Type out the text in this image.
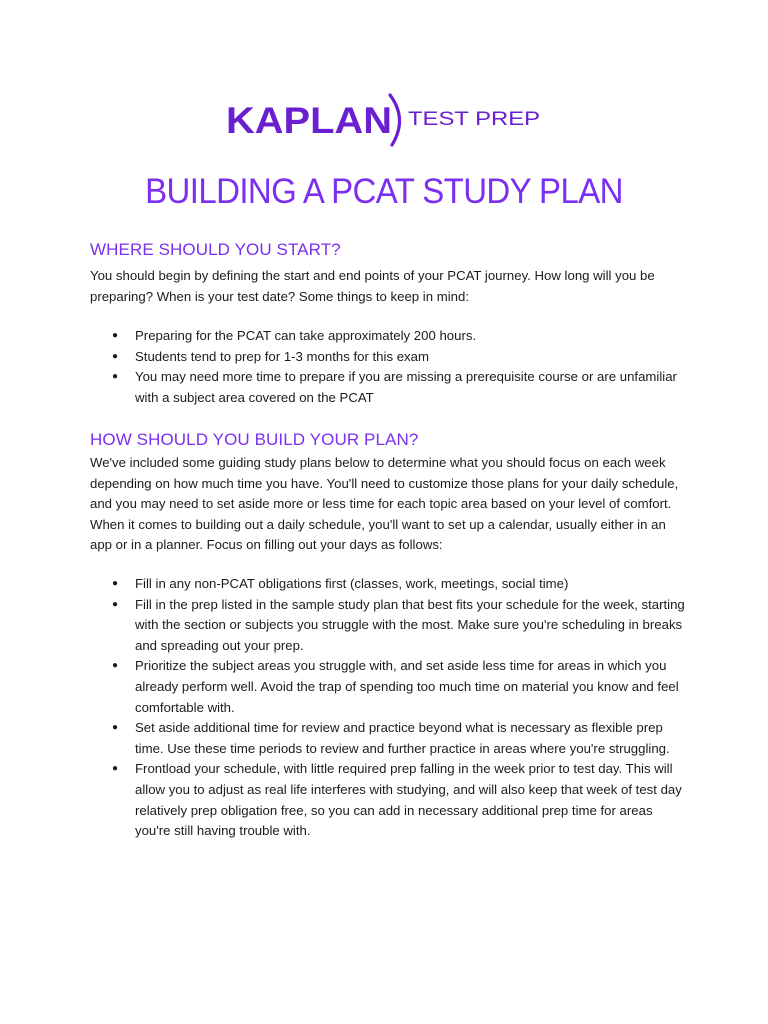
KAPLAN TEST PREP
BUILDING A PCAT STUDY PLAN
WHERE SHOULD YOU START?

You should begin by defining the start and end points of your PCAT journey. How long will you be preparing? When is your test date? Some things to keep in mind:

● Preparing for the PCAT can take approximately 200 hours.
● Students tend to prep for 1-3 months for this exam
● You may need more time to prepare if you are missing a prerequisite course or are unfamiliar with a subject area covered on the PCAT
HOW SHOULD YOU BUILD YOUR PLAN?

We've included some guiding study plans below to determine what you should focus on each week depending on how much time you have. You'll need to customize those plans for your daily schedule, and you may need to set aside more or less time for each topic area based on your level of comfort. When it comes to building out a daily schedule, you'll want to set up a calendar, usually either in an app or in a planner. Focus on filling out your days as follows:

● Fill in any non-PCAT obligations first (classes, work, meetings, social time)
● Fill in the prep listed in the sample study plan that best fits your schedule for the week, starting with the section or subjects you struggle with the most. Make sure you're scheduling in breaks and spreading out your prep.
● Prioritize the subject areas you struggle with, and set aside less time for areas in which you already perform well. Avoid the trap of spending too much time on material you know and feel comfortable with.
● Set aside additional time for review and practice beyond what is necessary as flexible prep time. Use these time periods to review and further practice in areas where you're struggling.
● Frontload your schedule, with little required prep falling in the week prior to test day. This will allow you to adjust as real life interferes with studying, and will also keep that week of test day relatively prep obligation free, so you can add in necessary additional prep time for areas you're still having trouble with.
